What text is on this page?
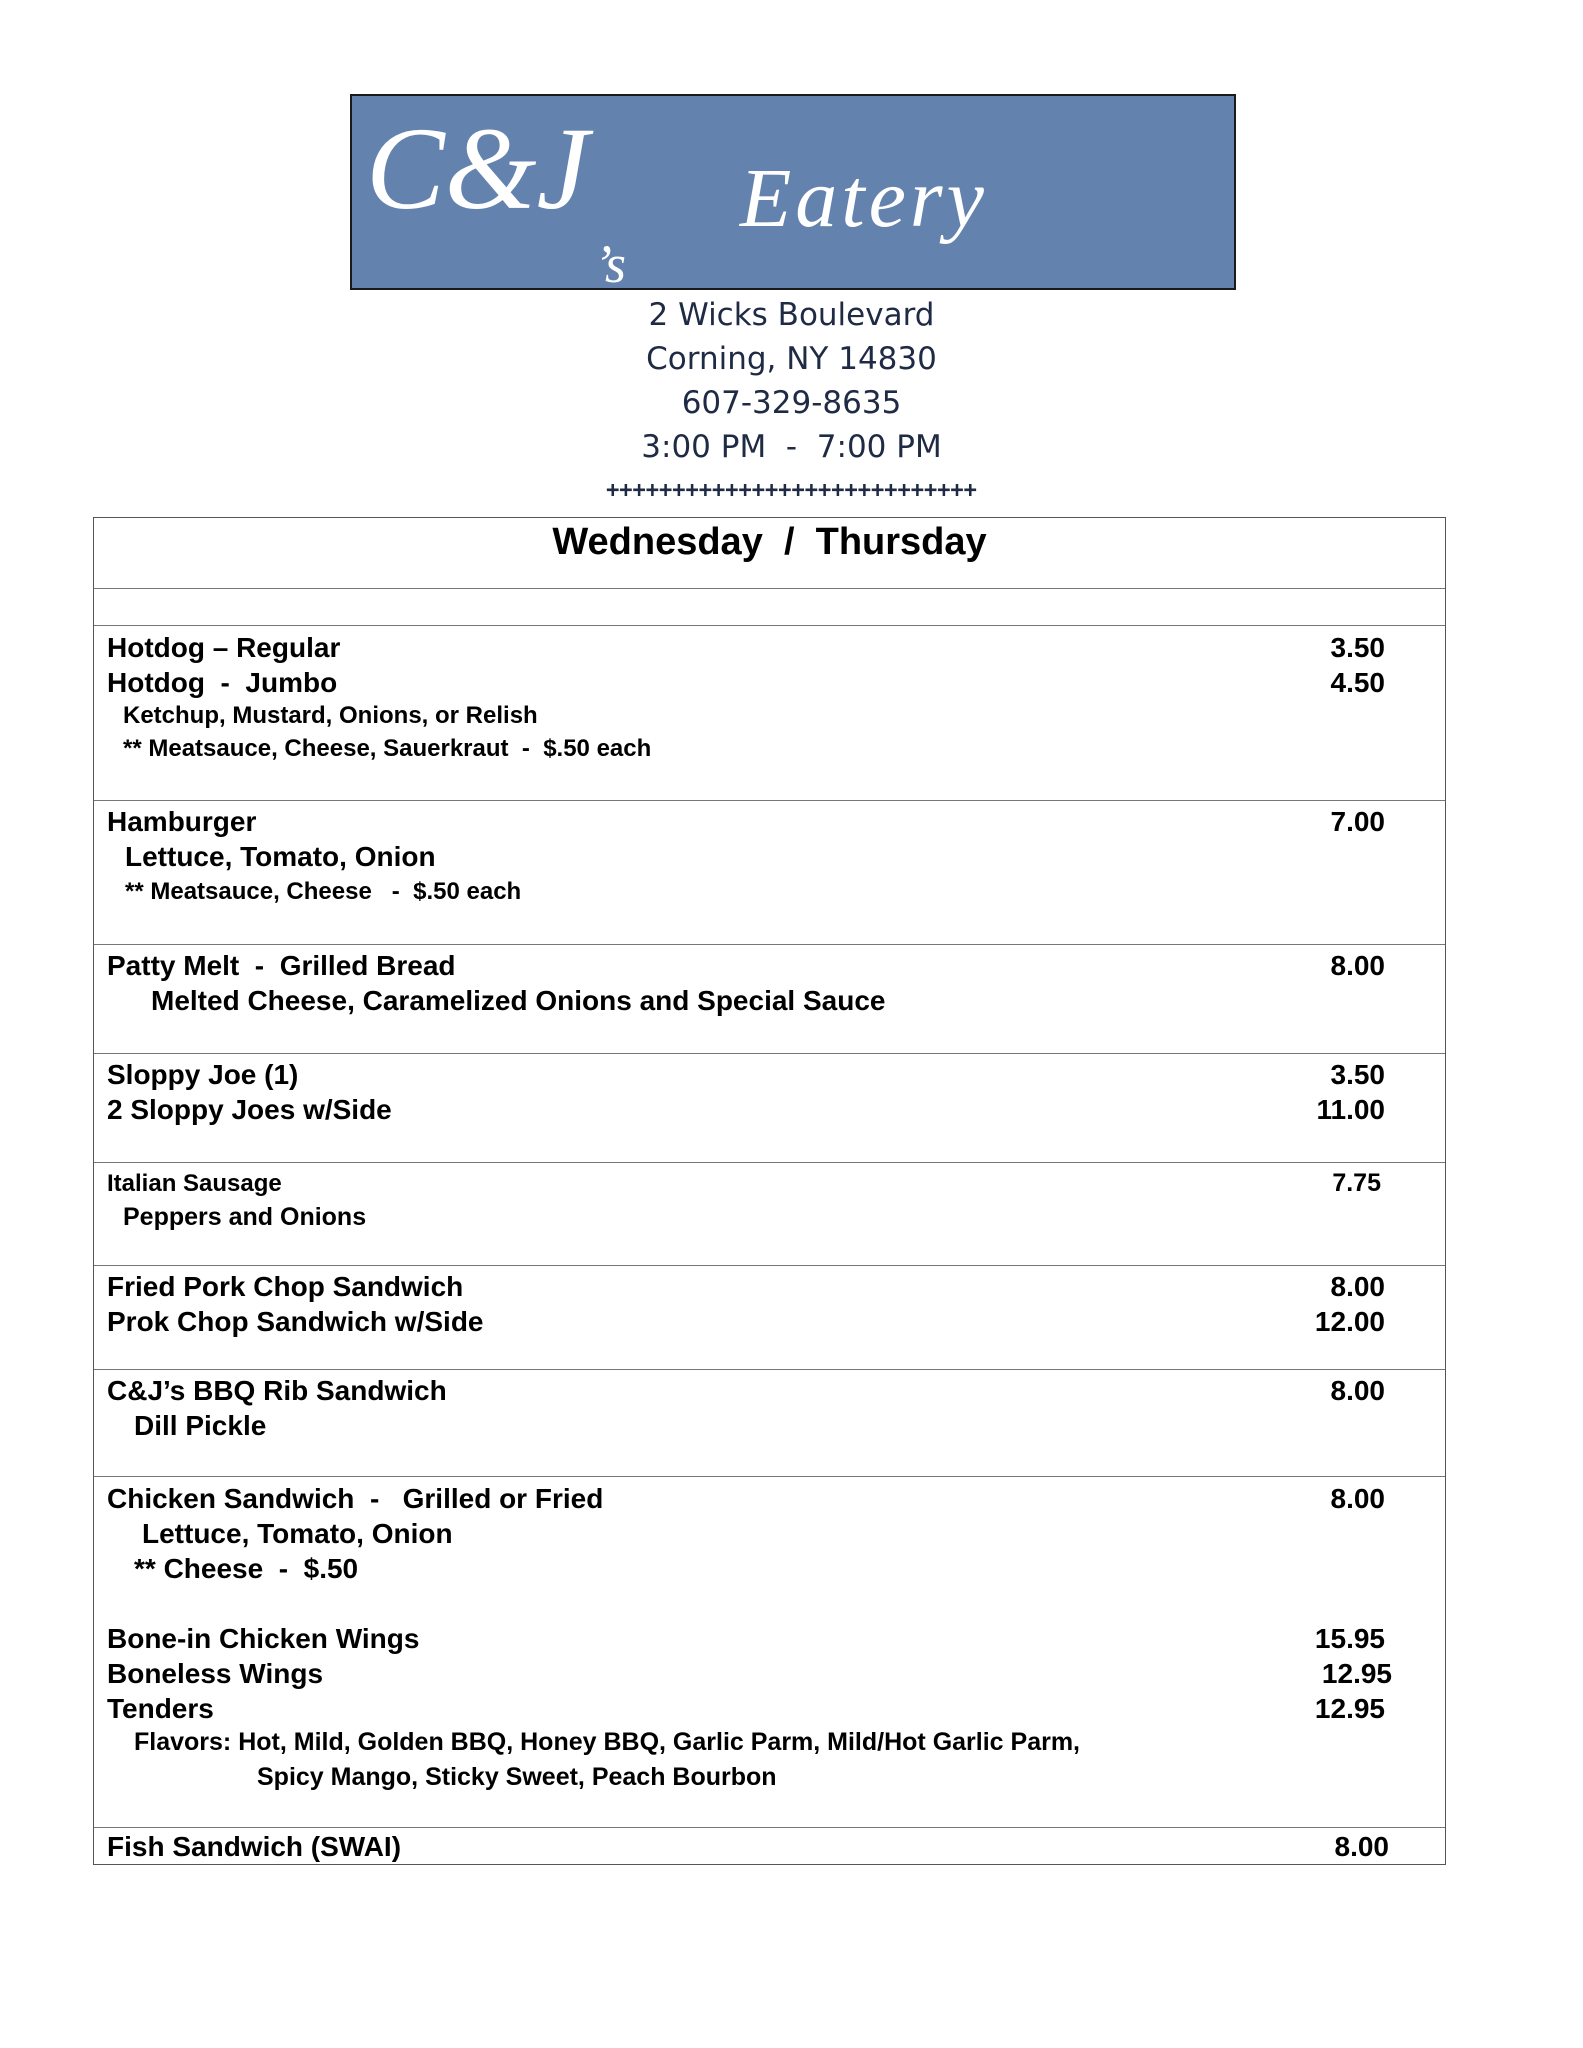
C&J
’s
Eatery
2 Wicks Boulevard
Corning, NY 14830
607-329-8635
3:00 PM  -  7:00 PM
++++++++++++++++++++++++++++
Wednesday  /  Thursday
Hotdog – Regular	3.50
Hotdog  -  Jumbo	4.50
Ketchup, Mustard, Onions, or Relish
** Meatsauce, Cheese, Sauerkraut  -  $.50 each
Hamburger	7.00
Lettuce, Tomato, Onion
** Meatsauce, Cheese   -  $.50 each
Patty Melt  -  Grilled Bread	8.00
Melted Cheese, Caramelized Onions and Special Sauce
Sloppy Joe (1)	3.50
2 Sloppy Joes w/Side	11.00
Italian Sausage	7.75
Peppers and Onions
Fried Pork Chop Sandwich	8.00
Prok Chop Sandwich w/Side	12.00
C&J’s BBQ Rib Sandwich	8.00
Dill Pickle
Chicken Sandwich  -   Grilled or Fried	8.00
Lettuce, Tomato, Onion
** Cheese  -  $.50
Bone-in Chicken Wings	15.95
Boneless Wings	12.95
Tenders	12.95
Flavors: Hot, Mild, Golden BBQ, Honey BBQ, Garlic Parm, Mild/Hot Garlic Parm,
Spicy Mango, Sticky Sweet, Peach Bourbon
Fish Sandwich (SWAI)	8.00
